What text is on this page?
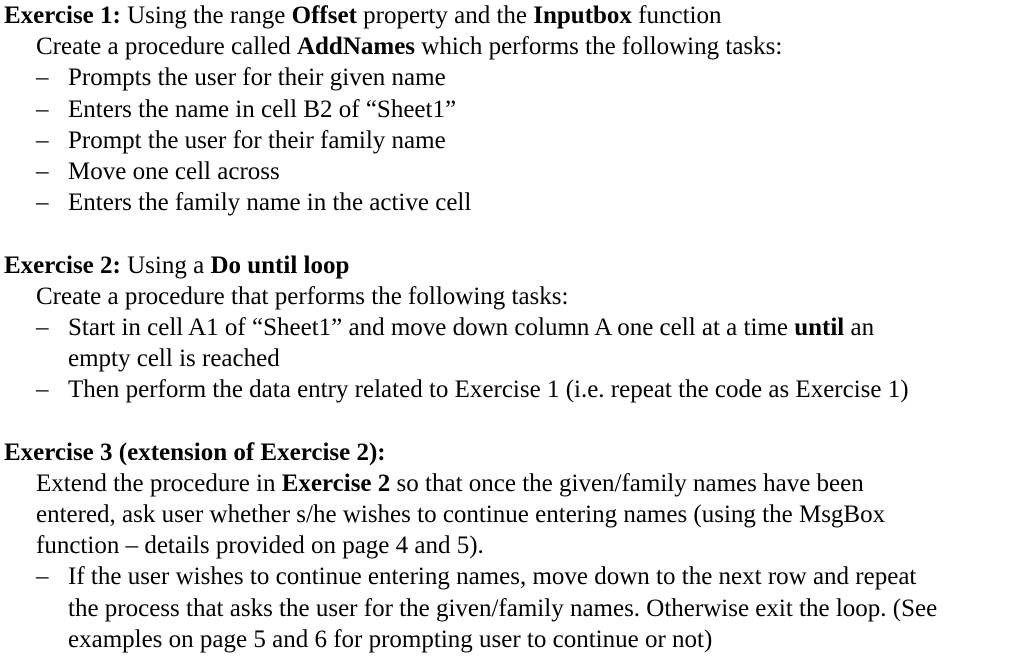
Exercise 1: Using the range Offset property and the Inputbox function
Create a procedure called AddNames which performs the following tasks:
– Prompts the user for their given name
– Enters the name in cell B2 of “Sheet1”
– Prompt the user for their family name
– Move one cell across
– Enters the family name in the active cell
Exercise 2: Using a Do until loop
Create a procedure that performs the following tasks:
– Start in cell A1 of “Sheet1” and move down column A one cell at a time until an
empty cell is reached
– Then perform the data entry related to Exercise 1 (i.e. repeat the code as Exercise 1)
Exercise 3 (extension of Exercise 2):
Extend the procedure in Exercise 2 so that once the given/family names have been
entered, ask user whether s/he wishes to continue entering names (using the MsgBox
function – details provided on page 4 and 5).
– If the user wishes to continue entering names, move down to the next row and repeat
the process that asks the user for the given/family names. Otherwise exit the loop. (See
examples on page 5 and 6 for prompting user to continue or not)
